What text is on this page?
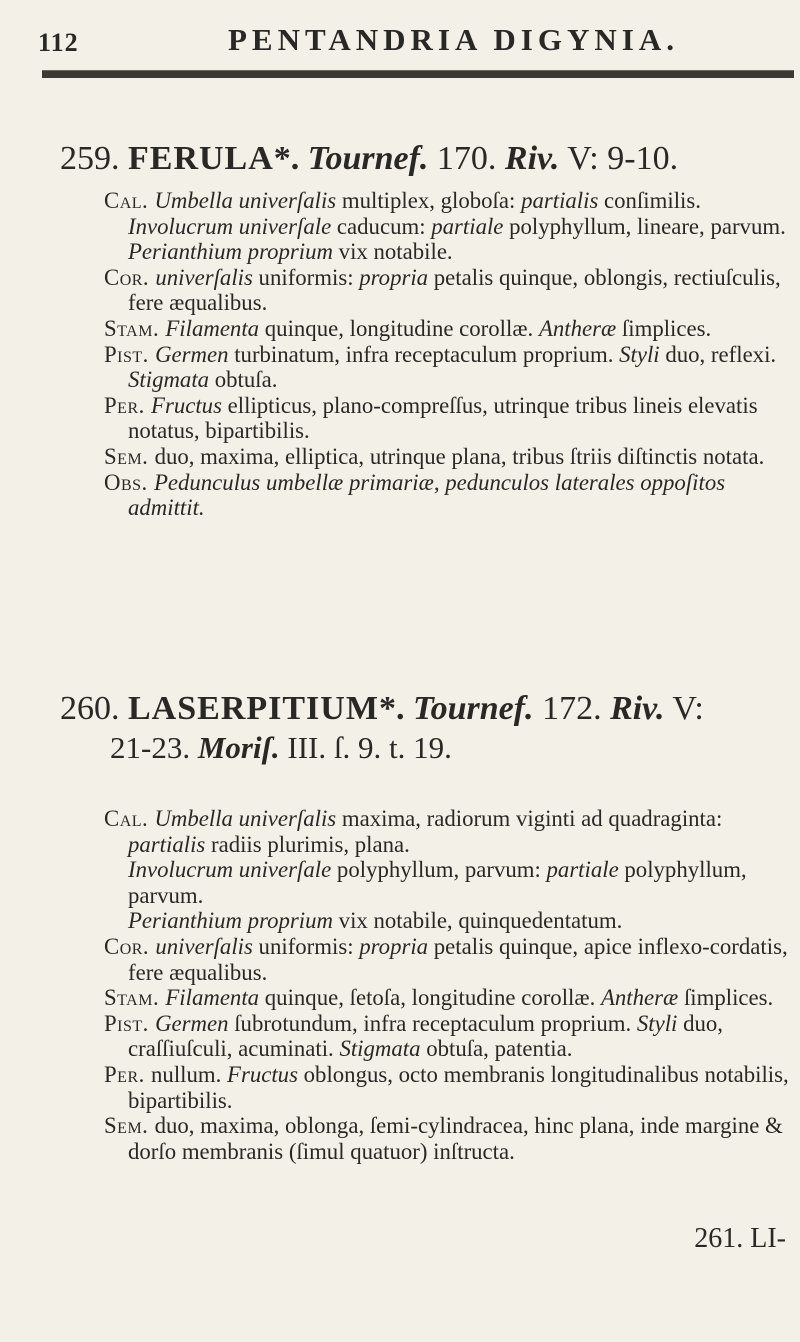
112	PENTANDRIA DIGYNIA.
259. FERULA*. Tournef. 170. Riv. V: 9-10.

Cal. Umbella univerſalis multiplex, globoſa: partialis conſimilis.

Involucrum univerſale caducum: partiale polyphyllum, lineare, parvum.

Perianthium proprium vix notabile.

Cor. univerſalis uniformis: propria petalis quinque, oblongis, rectiuſculis, fere æqualibus.

Stam. Filamenta quinque, longitudine corollæ. Antheræ ſimplices.

Pist. Germen turbinatum, infra receptaculum proprium. Styli duo, reflexi. Stigmata obtuſa.

Per. Fructus ellipticus, plano-compreſſus, utrinque tribus lineis elevatis notatus, bipartibilis.

Sem. duo, maxima, elliptica, utrinque plana, tribus ſtriis diſtinctis notata.

Obs. Pedunculus umbellæ primariæ, pedunculos laterales oppoſitos admittit.

260. LASERPITIUM*. Tournef. 172. Riv. V:
21-23. Moriſ. III. ſ. 9. t. 19.

Cal. Umbella univerſalis maxima, radiorum viginti ad quadraginta: partialis radiis plurimis, plana.

Involucrum univerſale polyphyllum, parvum: partiale polyphyllum, parvum.

Perianthium proprium vix notabile, quinquedentatum.

Cor. univerſalis uniformis: propria petalis quinque, apice inflexo-cordatis, fere æqualibus.

Stam. Filamenta quinque, ſetoſa, longitudine corollæ. Antheræ ſimplices.

Pist. Germen ſubrotundum, infra receptaculum proprium. Styli duo, craſſiuſculi, acuminati. Stigmata obtuſa, patentia.

Per. nullum. Fructus oblongus, octo membranis longitudinalibus notabilis, bipartibilis.

Sem. duo, maxima, oblonga, ſemi-cylindracea, hinc plana, inde margine & dorſo membranis (ſimul quatuor) inſtructa.

261. LI-
